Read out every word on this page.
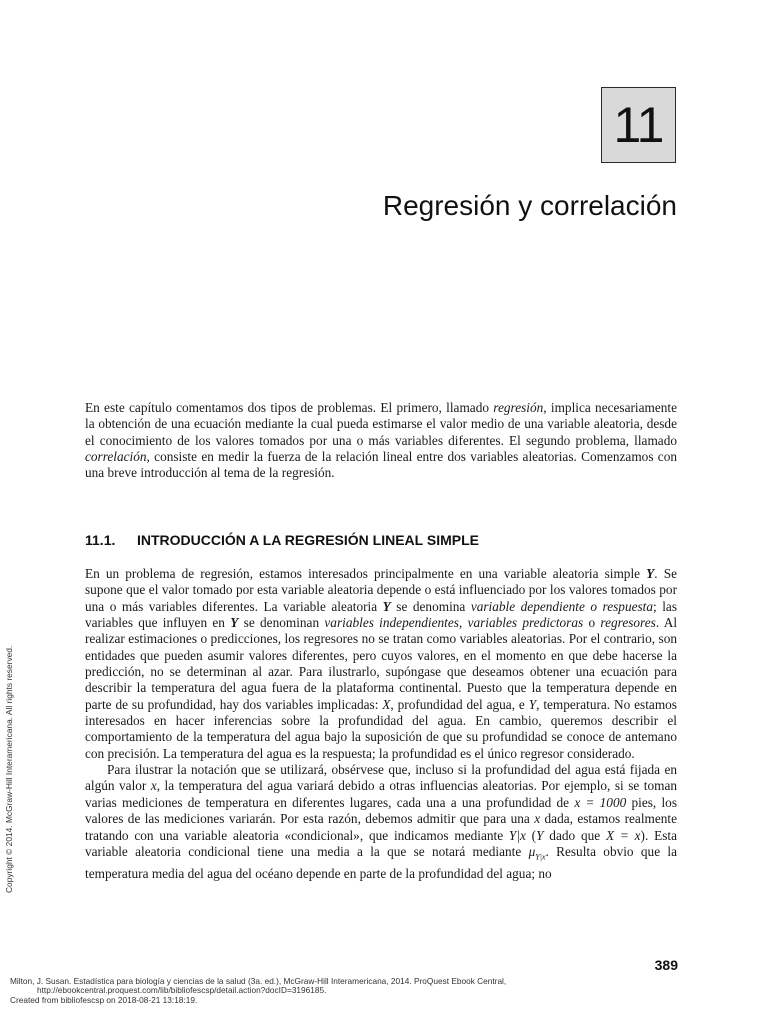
11
Regresión y correlación

En este capítulo comentamos dos tipos de problemas. El primero, llamado regresión, implica necesariamente la obtención de una ecuación mediante la cual pueda estimarse el valor medio de una variable aleatoria, desde el conocimiento de los valores tomados por una o más variables diferentes. El segundo problema, llamado correlación, consiste en medir la fuerza de la relación lineal entre dos variables aleatorias. Comenzamos con una breve introducción al tema de la regresión.

11.1. INTRODUCCIÓN A LA REGRESIÓN LINEAL SIMPLE

En un problema de regresión, estamos interesados principalmente en una variable aleatoria simple Y. Se supone que el valor tomado por esta variable aleatoria depende o está influenciado por los valores tomados por una o más variables diferentes. La variable aleatoria Y se denomina variable dependiente o respuesta; las variables que influyen en Y se denominan variables independientes, variables predictoras o regresores. Al realizar estimaciones o predicciones, los regresores no se tratan como variables aleatorias. Por el contrario, son entidades que pueden asumir valores diferentes, pero cuyos valores, en el momento en que debe hacerse la predicción, no se determinan al azar. Para ilustrarlo, supóngase que deseamos obtener una ecuación para describir la temperatura del agua fuera de la plataforma continental. Puesto que la temperatura depende en parte de su profundidad, hay dos variables implicadas: X, profundidad del agua, e Y, temperatura. No estamos interesados en hacer inferencias sobre la profundidad del agua. En cambio, queremos describir el comportamiento de la temperatura del agua bajo la suposición de que su profundidad se conoce de antemano con precisión. La temperatura del agua es la respuesta; la profundidad es el único regresor considerado.

Para ilustrar la notación que se utilizará, obsérvese que, incluso si la profundidad del agua está fijada en algún valor x, la temperatura del agua variará debido a otras influencias aleatorias. Por ejemplo, si se toman varias mediciones de temperatura en diferentes lugares, cada una a una profundidad de x = 1000 pies, los valores de las mediciones variarán. Por esta razón, debemos admitir que para una x dada, estamos realmente tratando con una variable aleatoria «condicional», que indicamos mediante Y|x (Y dado que X = x). Esta variable aleatoria condicional tiene una media a la que se notará mediante $\mu_{Y|x}$. Resulta obvio que la temperatura media del agua del océano depende en parte de la profundidad del agua; no

389
Copyright © 2014. McGraw-Hill Interamericana. All rights reserved.
Milton, J. Susan. Estadística para biología y ciencias de la salud (3a. ed.), McGraw-Hill Interamericana, 2014. ProQuest Ebook Central,
http://ebookcentral.proquest.com/lib/bibliofescsp/detail.action?docID=3196185.
Created from bibliofescsp on 2018-08-21 13:18:19.
